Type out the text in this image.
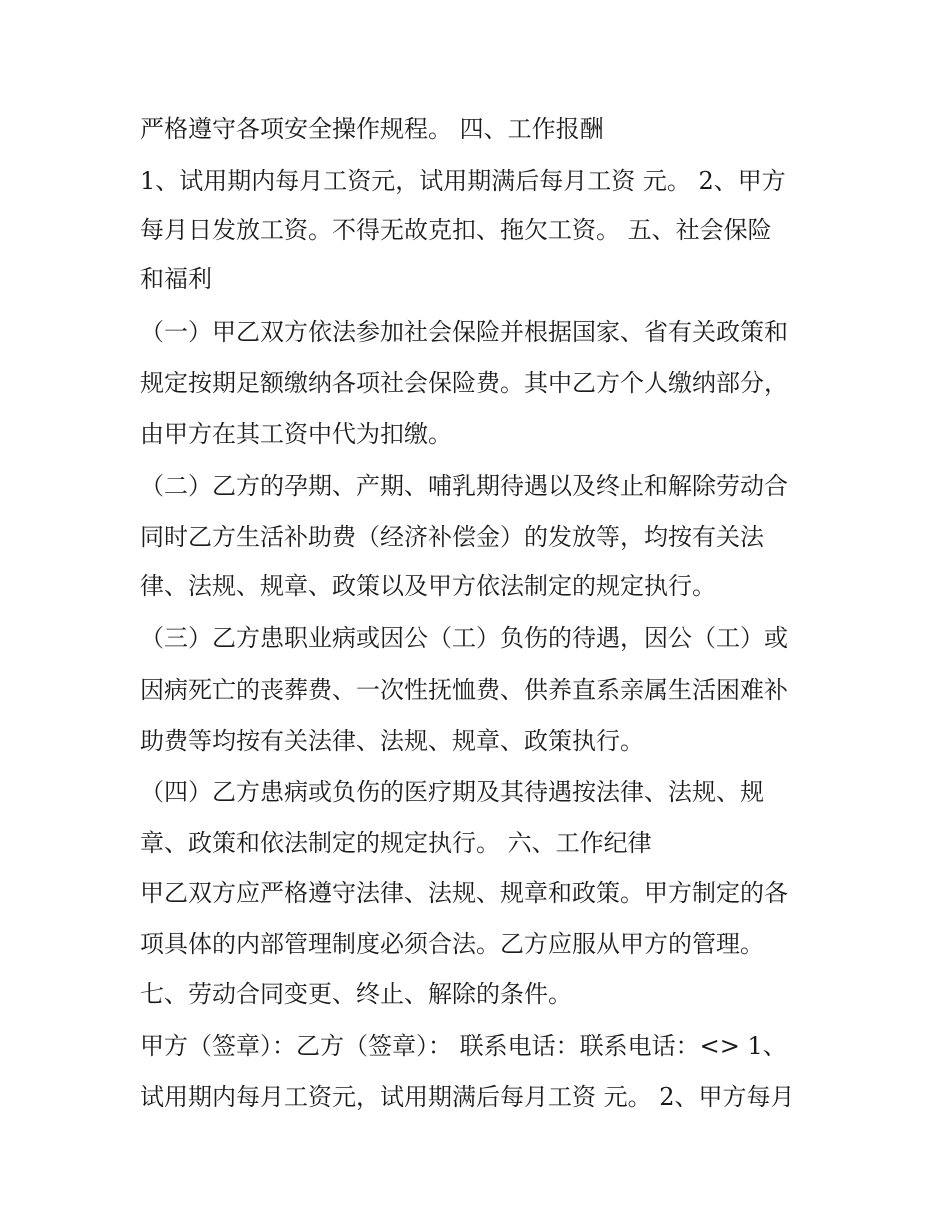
严格遵守各项安全操作规程。 四、工作报酬
1、试用期内每月工资元，试用期满后每月工资 元。 2、甲方
每月日发放工资。不得无故克扣、拖欠工资。 五、社会保险
和福利
（一）甲乙双方依法参加社会保险并根据国家、省有关政策和
规定按期足额缴纳各项社会保险费。其中乙方个人缴纳部分，
由甲方在其工资中代为扣缴。
（二）乙方的孕期、产期、哺乳期待遇以及终止和解除劳动合
同时乙方生活补助费（经济补偿金）的发放等，均按有关法
律、法规、规章、政策以及甲方依法制定的规定执行。
（三）乙方患职业病或因公（工）负伤的待遇，因公（工）或
因病死亡的丧葬费、一次性抚恤费、供养直系亲属生活困难补
助费等均按有关法律、法规、规章、政策执行。
（四）乙方患病或负伤的医疗期及其待遇按法律、法规、规
章、政策和依法制定的规定执行。 六、工作纪律
甲乙双方应严格遵守法律、法规、规章和政策。甲方制定的各
项具体的内部管理制度必须合法。乙方应服从甲方的管理。
七、劳动合同变更、终止、解除的条件。
甲方（签章）：乙方（签章）： 联系电话：联系电话：<> 1、
试用期内每月工资元，试用期满后每月工资 元。 2、甲方每月
